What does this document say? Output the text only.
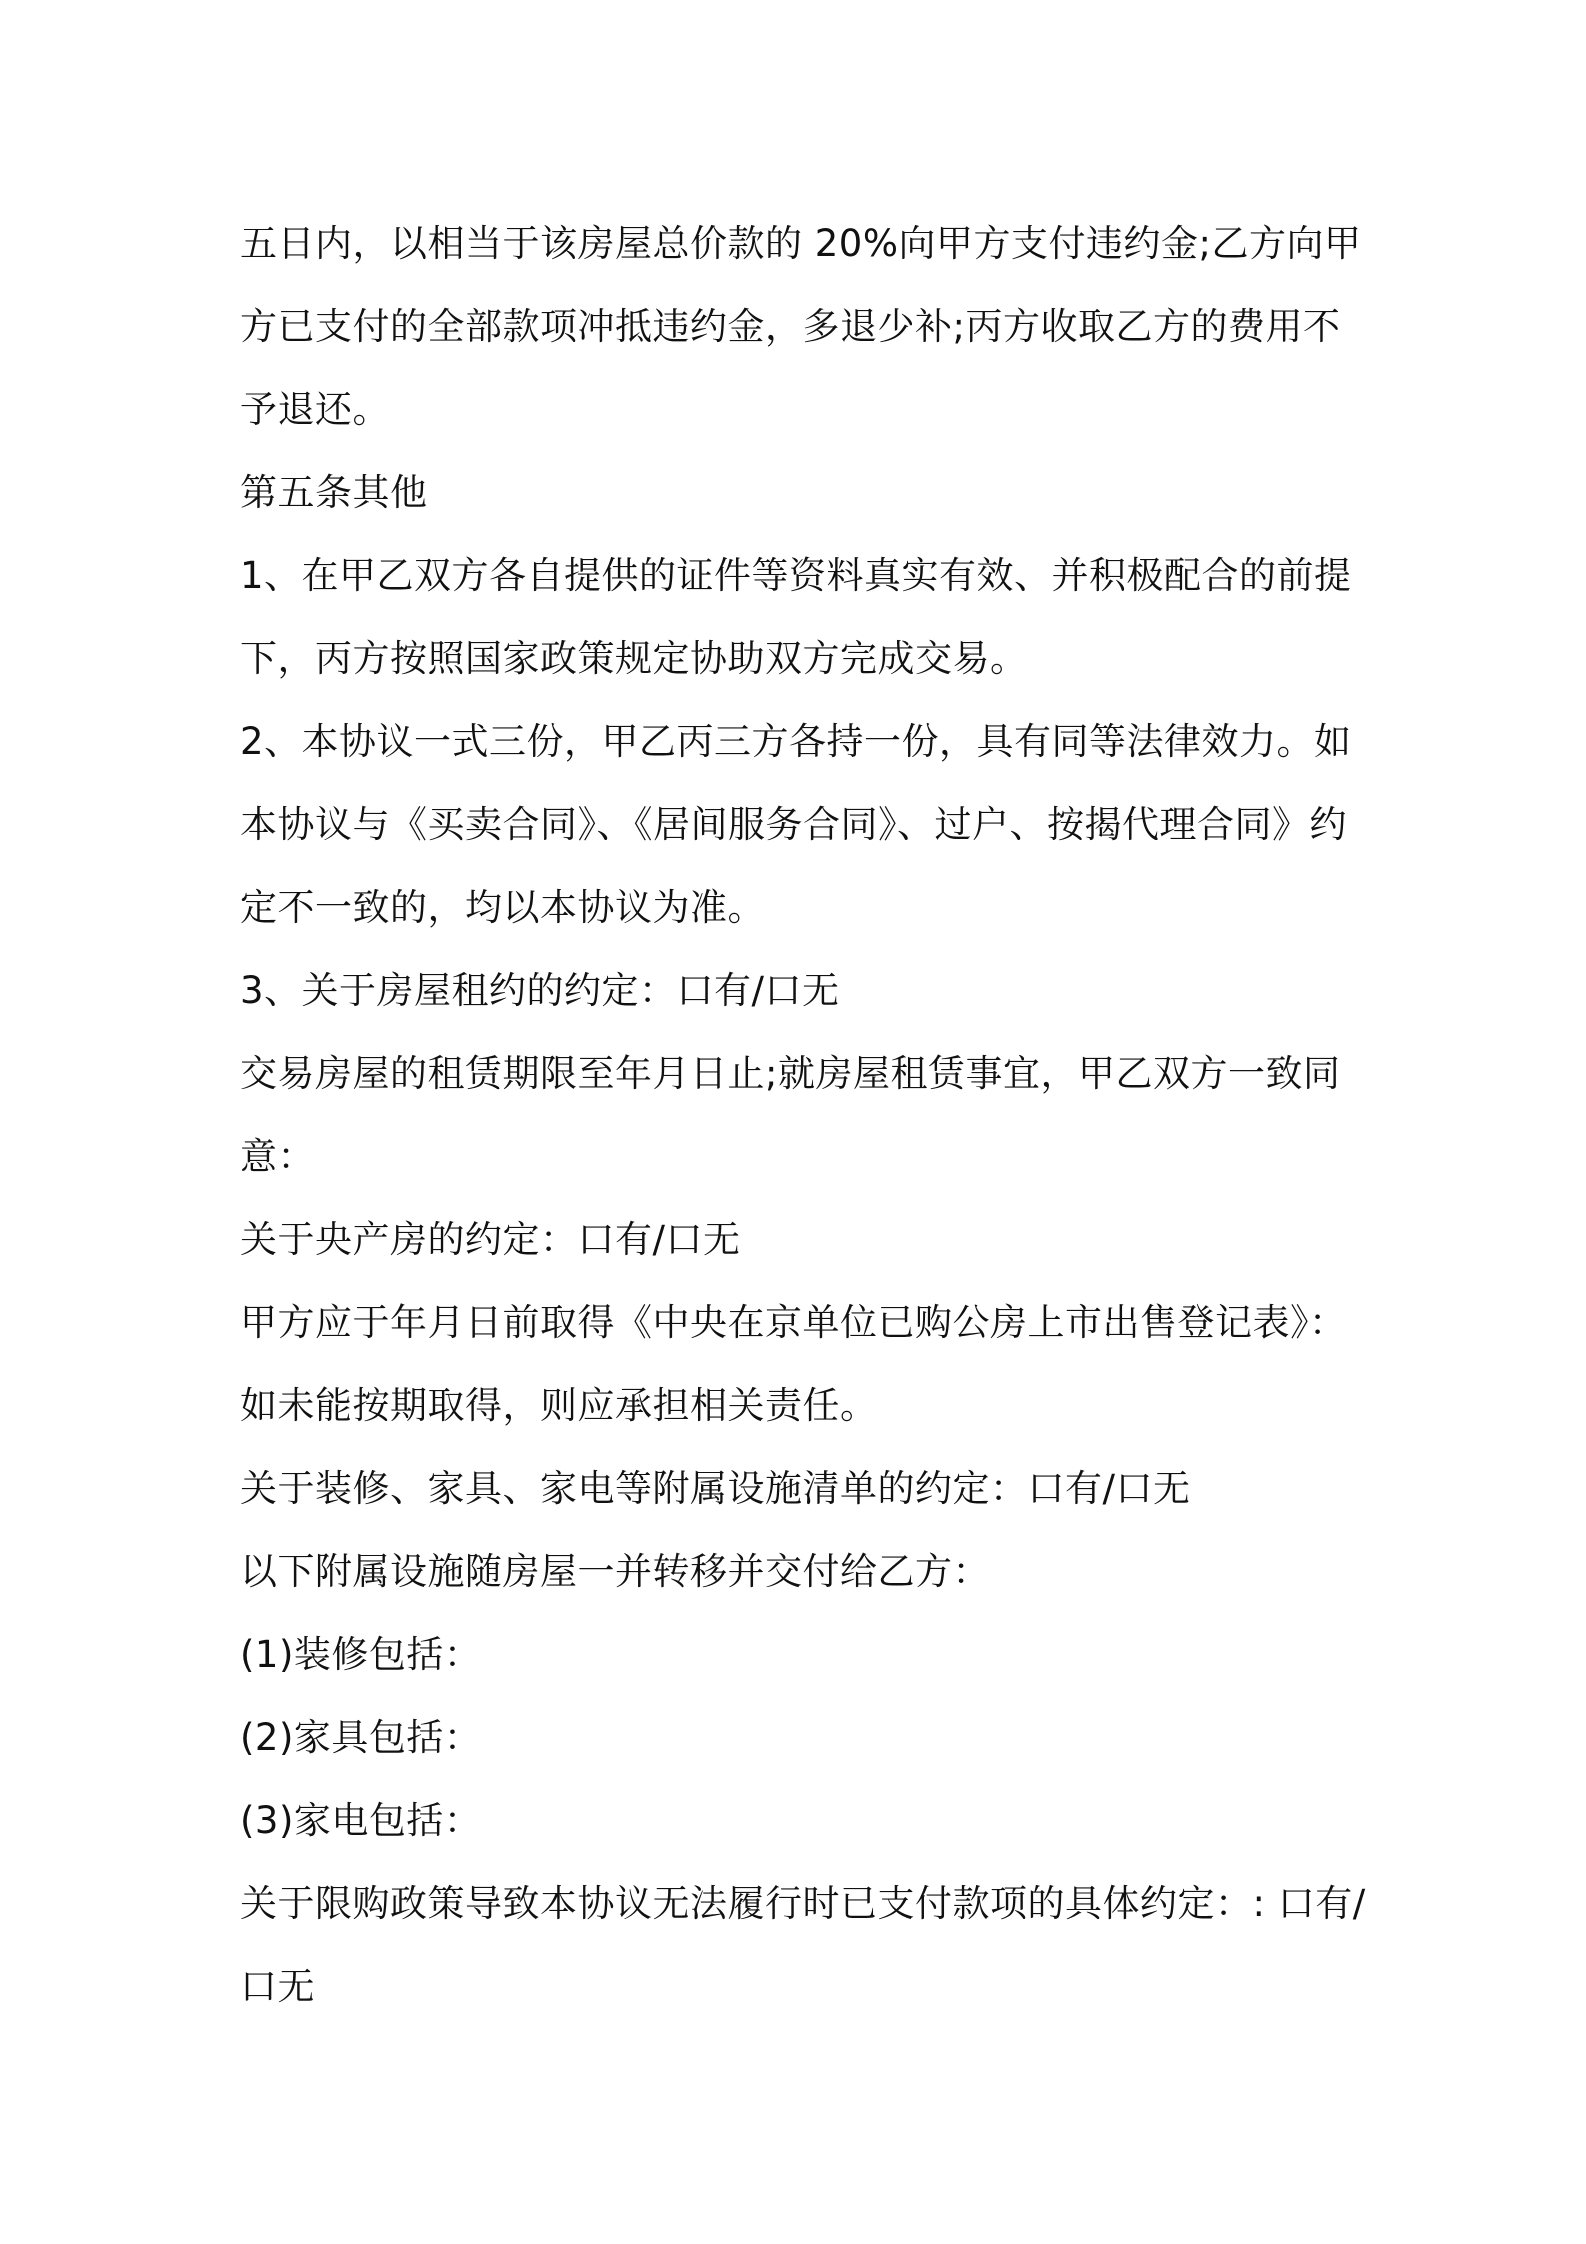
五日内，以相当于该房屋总价款的 20%向甲方支付违约金;乙方向甲

方已支付的全部款项冲抵违约金，多退少补;丙方收取乙方的费用不

予退还。

第五条其他

1、在甲乙双方各自提供的证件等资料真实有效、并积极配合的前提

下，丙方按照国家政策规定协助双方完成交易。

2、本协议一式三份，甲乙丙三方各持一份，具有同等法律效力。如

本协议与《买卖合同》、《居间服务合同》、过户、按揭代理合同》约

定不一致的，均以本协议为准。

3、关于房屋租约的约定：口有/口无

交易房屋的租赁期限至年月日止;就房屋租赁事宜，甲乙双方一致同

意：

关于央产房的约定：口有/口无

甲方应于年月日前取得《中央在京单位已购公房上市出售登记表》：

如未能按期取得，则应承担相关责任。

关于装修、家具、家电等附属设施清单的约定：口有/口无

以下附属设施随房屋一并转移并交付给乙方：

(1)装修包括：

(2)家具包括：

(3)家电包括：

关于限购政策导致本协议无法履行时已支付款项的具体约定：: 口有/

口无
